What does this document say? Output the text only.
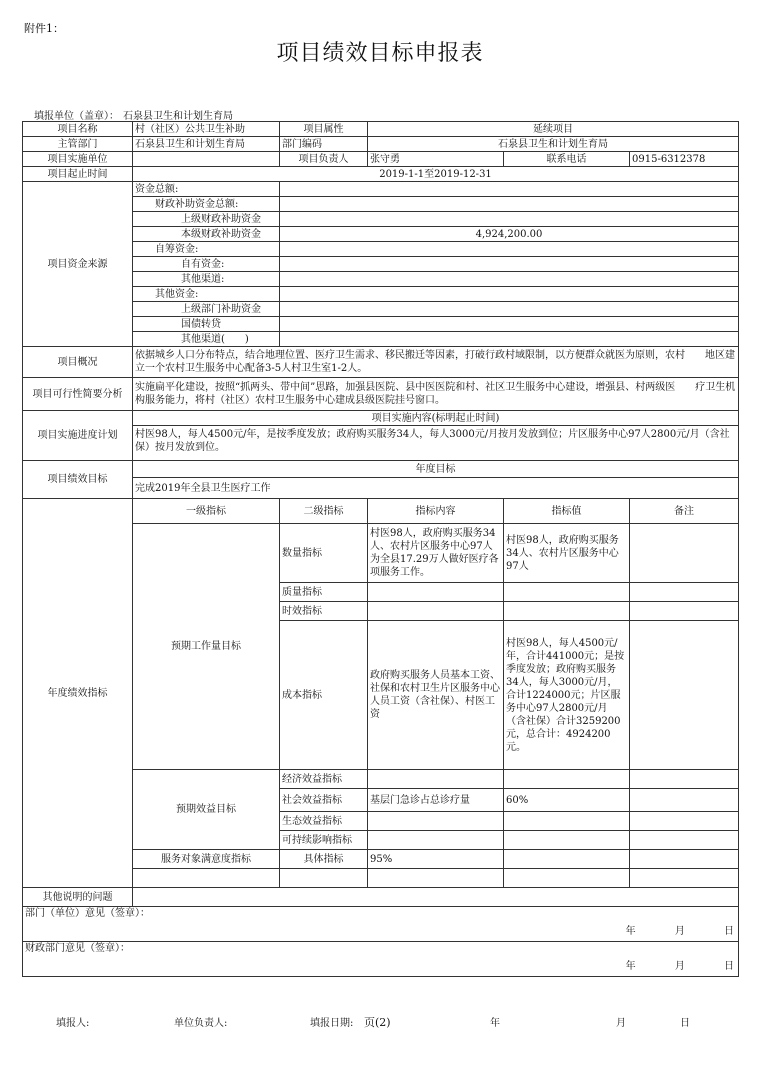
附件1：
项目绩效目标申报表
填报单位（盖章）： 石泉县卫生和计划生育局
项目名称	村（社区）公共卫生补助	项目属性	延续项目		
主管部门	石泉县卫生和计划生育局	部门编码	石泉县卫生和计划生育局		
项目实施单位		项目负责人	张守勇	联系电话	0915-6312378
项目起止时间	2019-1-1至2019-12-31				
项目资金来源	资金总额:				
	财政补助资金总额:				
	上级财政补助资金				
	本级财政补助资金	4,924,200.00			
	自筹资金:				
	自有资金:				
	其他渠道:				
	其他资金:				
	上级部门补助资金				
	国债转贷				
	其他渠道(　　)				
项目概况	依据城乡人口分布特点，结合地理位置、医疗卫生需求、移民搬迁等因素，打破行政村域限制，以方便群众就医为原则，农村　　地区建立一个农村卫生服务中心配备3-5人村卫生室1-2人。				
项目可行性简要分析	实施扁平化建设，按照“抓两头、带中间”思路，加强县医院、县中医医院和村、社区卫生服务中心建设，增强县、村两级医　　疗卫生机构服务能力，将村（社区）农村卫生服务中心建成县级医院挂号窗口。				
项目实施进度计划	项目实施内容(标明起止时间)				
	村医98人，每人4500元/年，是按季度发放；政府购买服务34人，每人3000元/月按月发放到位；片区服务中心97人2800元/月（含社保）按月发放到位。				
项目绩效目标	年度目标				
	完成2019年全县卫生医疗工作				
年度绩效指标	一级指标	二级指标	指标内容	指标值	备注
	预期工作量目标	数量指标	村医98人，政府购买服务34人、农村片区服务中心97人为全县17.29万人做好医疗各项服务工作。	村医98人，政府购买服务34人、农村片区服务中心97人	
		质量指标			
		时效指标			
		成本指标	政府购买服务人员基本工资、社保和农村卫生片区服务中心人员工资（含社保）、村医工资	村医98人，每人4500元/年，合计441000元；是按季度发放；政府购买服务34人，每人3000元/月，合计1224000元；片区服务中心97人2800元/月（含社保）合计3259200元，总合计：4924200元。	
	预期效益目标	经济效益指标			
		社会效益指标	基层门急诊占总诊疗量	60%	
		生态效益指标			
		可持续影响指标			
	服务对象满意度指标	具体指标	95%		

其他说明的问题					

部门（单位）意见（签章）：
年 月 日					

财政部门意见（签章）：
年 月 日					
填报人:	单位负责人:	填报日期: 页(2)	年	月	日
